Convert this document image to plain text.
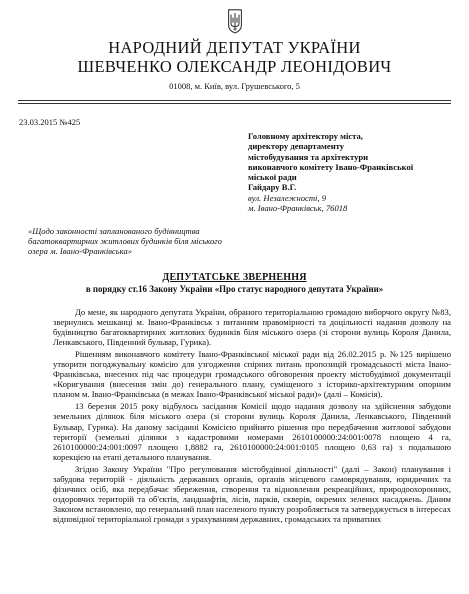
НАРОДНИЙ ДЕПУТАТ УКРАЇНИ
ШЕВЧЕНКО ОЛЕКСАНДР ЛЕОНІДОВИЧ
01008, м. Київ, вул. Грушевського, 5
23.03.2015 №425
Головному архітектору міста,
директору департаменту
містобудування та архітектури
виконавчого комітету Івано-Франківської
міської ради
Гайдару В.Г.
вул. Незалежності, 9
м. Івано-Франківськ, 76018
«Щодо законності запланованого будівництва багатоквартирних житлових будинків біля міського озера м. Івано-Франківська»
ДЕПУТАТСЬКЕ ЗВЕРНЕННЯ
в порядку ст.16 Закону України «Про статус народного депутата України»

До мене, як народного депутата України, обраного територіальною громадою виборчого округу №83, звернулись мешканці м. Івано-Франківськ з питанням правомірності та доцільності надання дозволу на будівництво багатоквартирних житлових будинків біля міського озера (зі сторони вулиць Короля Данила, Ленкавського, Південний бульвар, Гурика).

Рішенням виконавчого комітету Івано-Франківської міської ради від 26.02.2015 р. №125 вирішено утворити погоджувальну комісію для узгодження спірних питань пропозицій громадськості міста Івано-Франківська, внесених під час процедури громадського обговорення проекту містобудівної документації «Коригування (внесення змін до) генерального плану, суміщеного з історико-архітектурним опорним планом м. Івано-Франківська (в межах Івано-Франківської міської ради)» (далі – Комісія).

13 березня 2015 року відбулось засідання Комісії щодо надання дозволу на здійснення забудови земельних ділянок біля міського озера (зі сторони вулиць Короля Данила, Ленкавського, Південний Бульвар, Гурика). На даному засіданні Комісією прийнято рішення про передбачення житлової забудови території (земельні ділянки з кадастровими номерами 2610100000:24:001:0078 площею 4 га, 2610100000:24:001:0097 площею 1,8882 га, 2610100000:24:001:0105 площею 0,63 га) з подальшою корекцією на етапі детального планування.

Згідно Закону України "Про регулювання містобудівної діяльності" (далі – Закон) планування і забудова територій - діяльність державних органів, органів місцевого самоврядування, юридичних та фізичних осіб, яка передбачає збереження, створення та відновлення рекреаційних, природоохоронних, оздоровчих територій та об'єктів, ландшафтів, лісів, парків, скверів, окремих зелених насаджень. Даним Законом встановлено, що генеральний план населеного пункту розробляється та затверджується в інтересах відповідної територіальної громади з урахуванням державних, громадських та приватних
